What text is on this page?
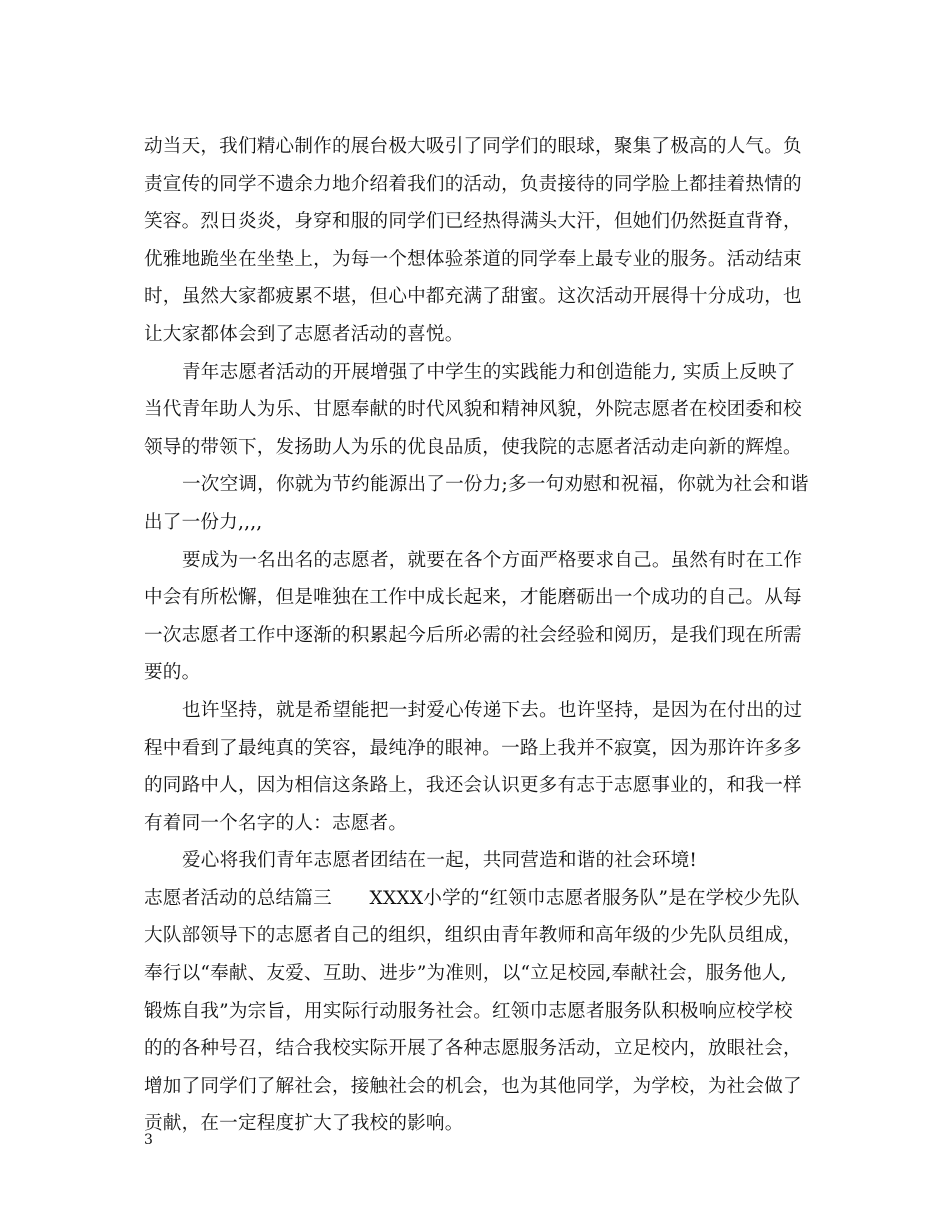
动当天，我们精心制作的展台极大吸引了同学们的眼球，聚集了极高的人气。负
责宣传的同学不遗余力地介绍着我们的活动，负责接待的同学脸上都挂着热情的
笑容。烈日炎炎，身穿和服的同学们已经热得满头大汗，但她们仍然挺直背脊，
优雅地跪坐在坐垫上，为每一个想体验茶道的同学奉上最专业的服务。活动结束
时，虽然大家都疲累不堪，但心中都充满了甜蜜。这次活动开展得十分成功，也
让大家都体会到了志愿者活动的喜悦。
青年志愿者活动的开展增强了中学生的实践能力和创造能力, 实质上反映了
当代青年助人为乐、甘愿奉献的时代风貌和精神风貌，外院志愿者在校团委和校
领导的带领下，发扬助人为乐的优良品质，使我院的志愿者活动走向新的辉煌。
一次空调，你就为节约能源出了一份力;多一句劝慰和祝福，你就为社会和谐
出了一份力,,,,
要成为一名出名的志愿者，就要在各个方面严格要求自己。虽然有时在工作
中会有所松懈，但是唯独在工作中成长起来，才能磨砺出一个成功的自己。从每
一次志愿者工作中逐渐的积累起今后所必需的社会经验和阅历，是我们现在所需
要的。
也许坚持，就是希望能把一封爱心传递下去。也许坚持，是因为在付出的过
程中看到了最纯真的笑容，最纯净的眼神。一路上我并不寂寞，因为那许许多多
的同路中人，因为相信这条路上，我还会认识更多有志于志愿事业的，和我一样
有着同一个名字的人：志愿者。
爱心将我们青年志愿者团结在一起，共同营造和谐的社会环境!
志愿者活动的总结篇三　　XXXX小学的“红领巾志愿者服务队”是在学校少先队
大队部领导下的志愿者自己的组织，组织由青年教师和高年级的少先队员组成，
奉行以“奉献、友爱、互助、进步”为准则，以“立足校园,奉献社会，服务他人,
锻炼自我”为宗旨，用实际行动服务社会。红领巾志愿者服务队积极响应校学校
的的各种号召，结合我校实际开展了各种志愿服务活动，立足校内，放眼社会，
增加了同学们了解社会，接触社会的机会，也为其他同学，为学校，为社会做了
贡献，在一定程度扩大了我校的影响。
3
